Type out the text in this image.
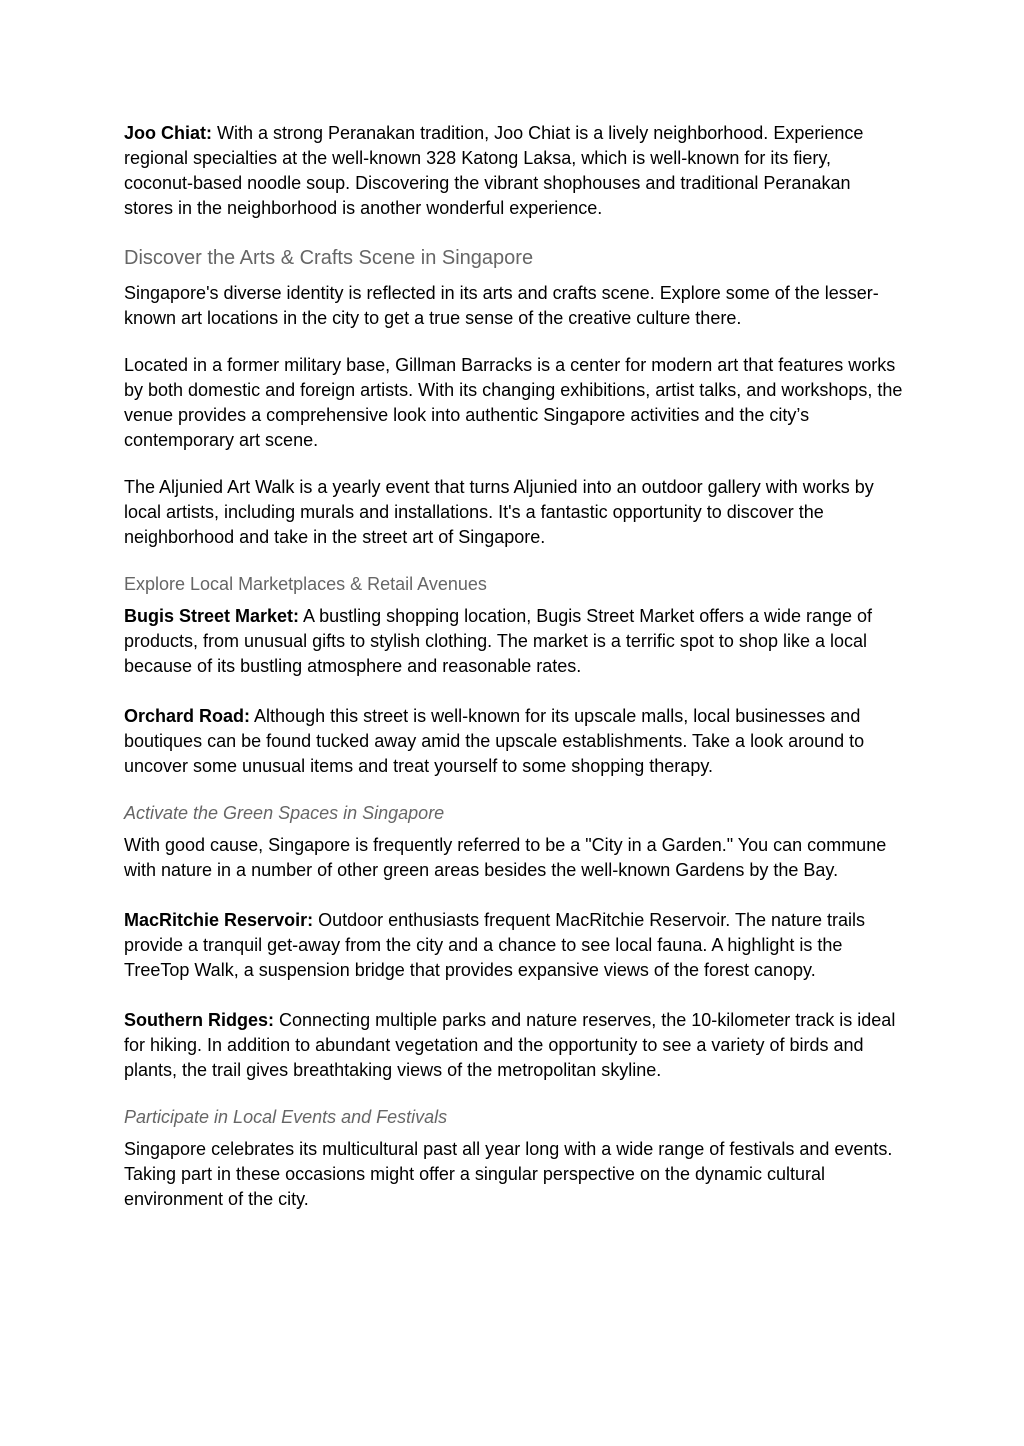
Joo Chiat: With a strong Peranakan tradition, Joo Chiat is a lively neighborhood. Experience regional specialties at the well-known 328 Katong Laksa, which is well-known for its fiery, coconut-based noodle soup. Discovering the vibrant shophouses and traditional Peranakan stores in the neighborhood is another wonderful experience.

Discover the Arts & Crafts Scene in Singapore

Singapore's diverse identity is reflected in its arts and crafts scene. Explore some of the lesser-known art locations in the city to get a true sense of the creative culture there.

Located in a former military base, Gillman Barracks is a center for modern art that features works by both domestic and foreign artists. With its changing exhibitions, artist talks, and workshops, the venue provides a comprehensive look into authentic Singapore activities and the city’s contemporary art scene.

The Aljunied Art Walk is a yearly event that turns Aljunied into an outdoor gallery with works by local artists, including murals and installations. It's a fantastic opportunity to discover the neighborhood and take in the street art of Singapore.

Explore Local Marketplaces & Retail Avenues

Bugis Street Market: A bustling shopping location, Bugis Street Market offers a wide range of products, from unusual gifts to stylish clothing. The market is a terrific spot to shop like a local because of its bustling atmosphere and reasonable rates.

Orchard Road: Although this street is well-known for its upscale malls, local businesses and boutiques can be found tucked away amid the upscale establishments. Take a look around to uncover some unusual items and treat yourself to some shopping therapy.

Activate the Green Spaces in Singapore

With good cause, Singapore is frequently referred to be a "City in a Garden." You can commune with nature in a number of other green areas besides the well-known Gardens by the Bay.

MacRitchie Reservoir: Outdoor enthusiasts frequent MacRitchie Reservoir. The nature trails provide a tranquil get-away from the city and a chance to see local fauna. A highlight is the TreeTop Walk, a suspension bridge that provides expansive views of the forest canopy.

Southern Ridges: Connecting multiple parks and nature reserves, the 10-kilometer track is ideal for hiking. In addition to abundant vegetation and the opportunity to see a variety of birds and plants, the trail gives breathtaking views of the metropolitan skyline.

Participate in Local Events and Festivals

Singapore celebrates its multicultural past all year long with a wide range of festivals and events. Taking part in these occasions might offer a singular perspective on the dynamic cultural environment of the city.
